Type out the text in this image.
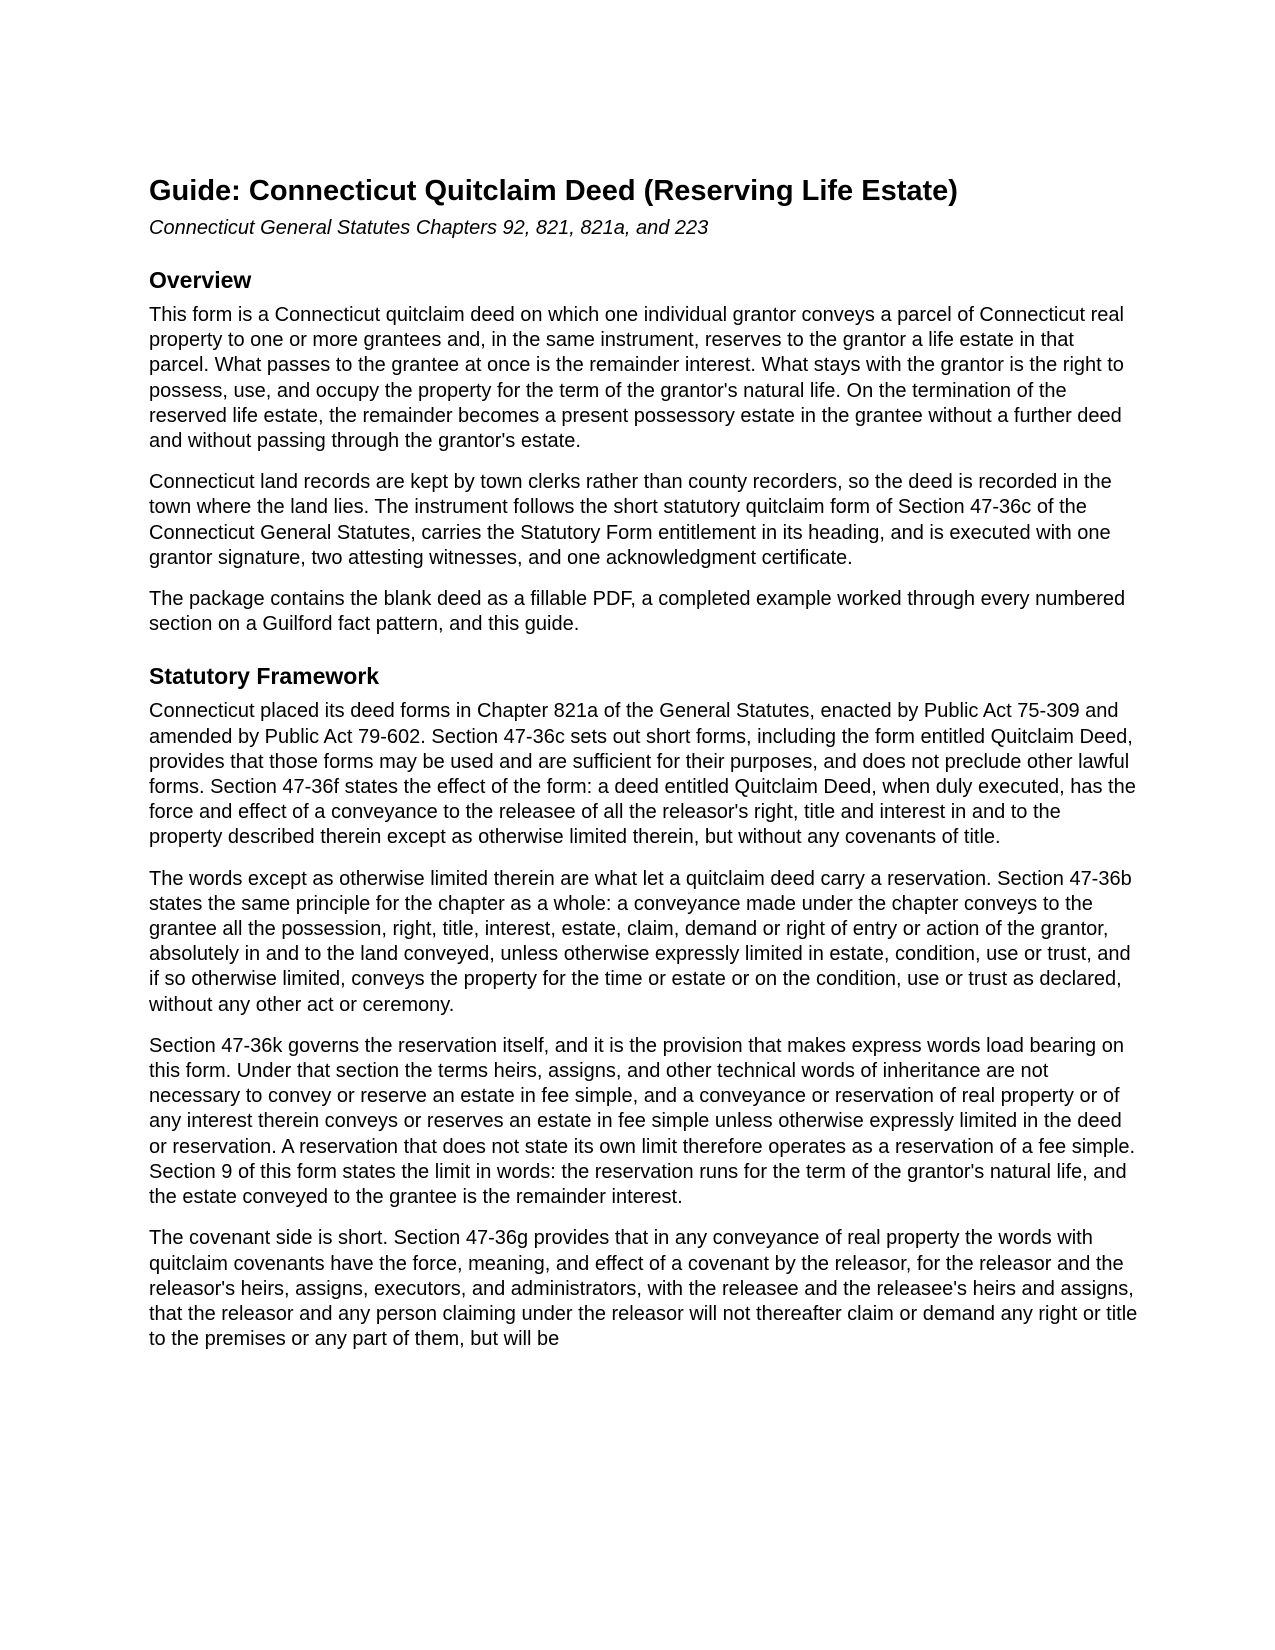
Guide: Connecticut Quitclaim Deed (Reserving Life Estate)

Connecticut General Statutes Chapters 92, 821, 821a, and 223

Overview

This form is a Connecticut quitclaim deed on which one individual grantor conveys a parcel of Connecticut real property to one or more grantees and, in the same instrument, reserves to the grantor a life estate in that parcel. What passes to the grantee at once is the remainder interest. What stays with the grantor is the right to possess, use, and occupy the property for the term of the grantor's natural life. On the termination of the reserved life estate, the remainder becomes a present possessory estate in the grantee without a further deed and without passing through the grantor's estate.

Connecticut land records are kept by town clerks rather than county recorders, so the deed is recorded in the town where the land lies. The instrument follows the short statutory quitclaim form of Section 47-36c of the Connecticut General Statutes, carries the Statutory Form entitlement in its heading, and is executed with one grantor signature, two attesting witnesses, and one acknowledgment certificate.

The package contains the blank deed as a fillable PDF, a completed example worked through every numbered section on a Guilford fact pattern, and this guide.

Statutory Framework

Connecticut placed its deed forms in Chapter 821a of the General Statutes, enacted by Public Act 75-309 and amended by Public Act 79-602. Section 47-36c sets out short forms, including the form entitled Quitclaim Deed, provides that those forms may be used and are sufficient for their purposes, and does not preclude other lawful forms. Section 47-36f states the effect of the form: a deed entitled Quitclaim Deed, when duly executed, has the force and effect of a conveyance to the releasee of all the releasor's right, title and interest in and to the property described therein except as otherwise limited therein, but without any covenants of title.

The words except as otherwise limited therein are what let a quitclaim deed carry a reservation. Section 47-36b states the same principle for the chapter as a whole: a conveyance made under the chapter conveys to the grantee all the possession, right, title, interest, estate, claim, demand or right of entry or action of the grantor, absolutely in and to the land conveyed, unless otherwise expressly limited in estate, condition, use or trust, and if so otherwise limited, conveys the property for the time or estate or on the condition, use or trust as declared, without any other act or ceremony.

Section 47-36k governs the reservation itself, and it is the provision that makes express words load bearing on this form. Under that section the terms heirs, assigns, and other technical words of inheritance are not necessary to convey or reserve an estate in fee simple, and a conveyance or reservation of real property or of any interest therein conveys or reserves an estate in fee simple unless otherwise expressly limited in the deed or reservation. A reservation that does not state its own limit therefore operates as a reservation of a fee simple. Section 9 of this form states the limit in words: the reservation runs for the term of the grantor's natural life, and the estate conveyed to the grantee is the remainder interest.

The covenant side is short. Section 47-36g provides that in any conveyance of real property the words with quitclaim covenants have the force, meaning, and effect of a covenant by the releasor, for the releasor and the releasor's heirs, assigns, executors, and administrators, with the releasee and the releasee's heirs and assigns, that the releasor and any person claiming under the releasor will not thereafter claim or demand any right or title to the premises or any part of them, but will be
